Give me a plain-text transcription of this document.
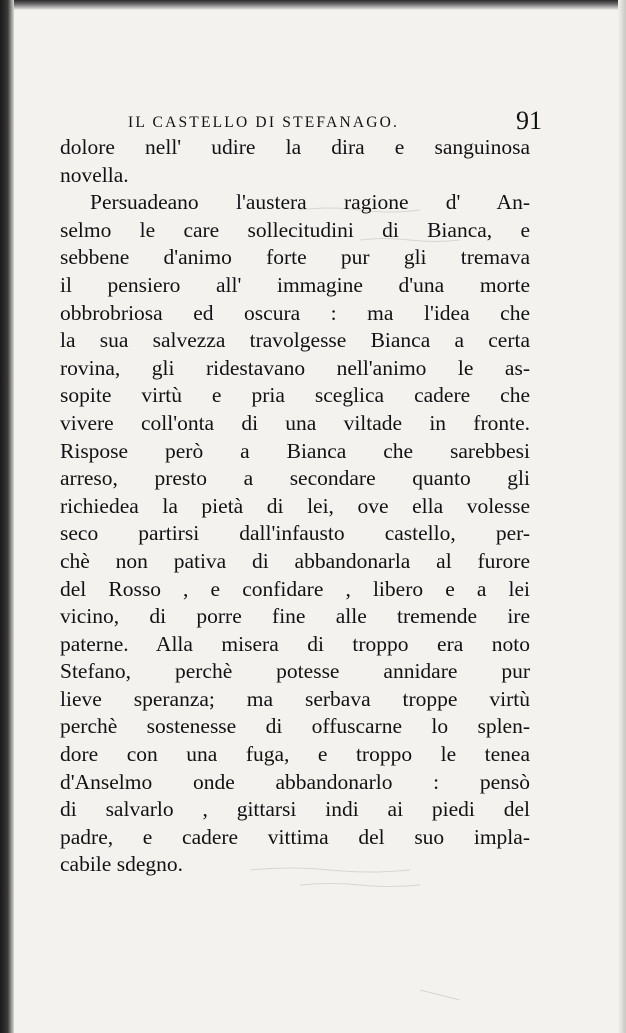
IL CASTELLO DI STEFANAGO.	91
dolore nell' udire la dira e sanguinosa
novella.
Persuadeano l'austera ragione d' An-
selmo le care sollecitudini di Bianca, e
sebbene d'animo forte pur gli tremava
il pensiero all' immagine d'una morte
obbrobriosa ed oscura : ma l'idea che
la sua salvezza travolgesse Bianca a certa
rovina, gli ridestavano nell'animo le as-
sopite virtù e pria sceglica cadere che
vivere coll'onta di una viltade in fronte.
Rispose però a Bianca che sarebbesi
arreso, presto a secondare quanto gli
richiedea la pietà di lei, ove ella volesse
seco partirsi dall'infausto castello, per-
chè non pativa di abbandonarla al furore
del Rosso , e confidare , libero e a lei
vicino, di porre fine alle tremende ire
paterne. Alla misera di troppo era noto
Stefano, perchè potesse annidare pur
lieve speranza; ma serbava troppe virtù
perchè sostenesse di offuscarne lo splen-
dore con una fuga, e troppo le tenea
d'Anselmo onde abbandonarlo : pensò
di salvarlo , gittarsi indi ai piedi del
padre, e cadere vittima del suo impla-
cabile sdegno.
